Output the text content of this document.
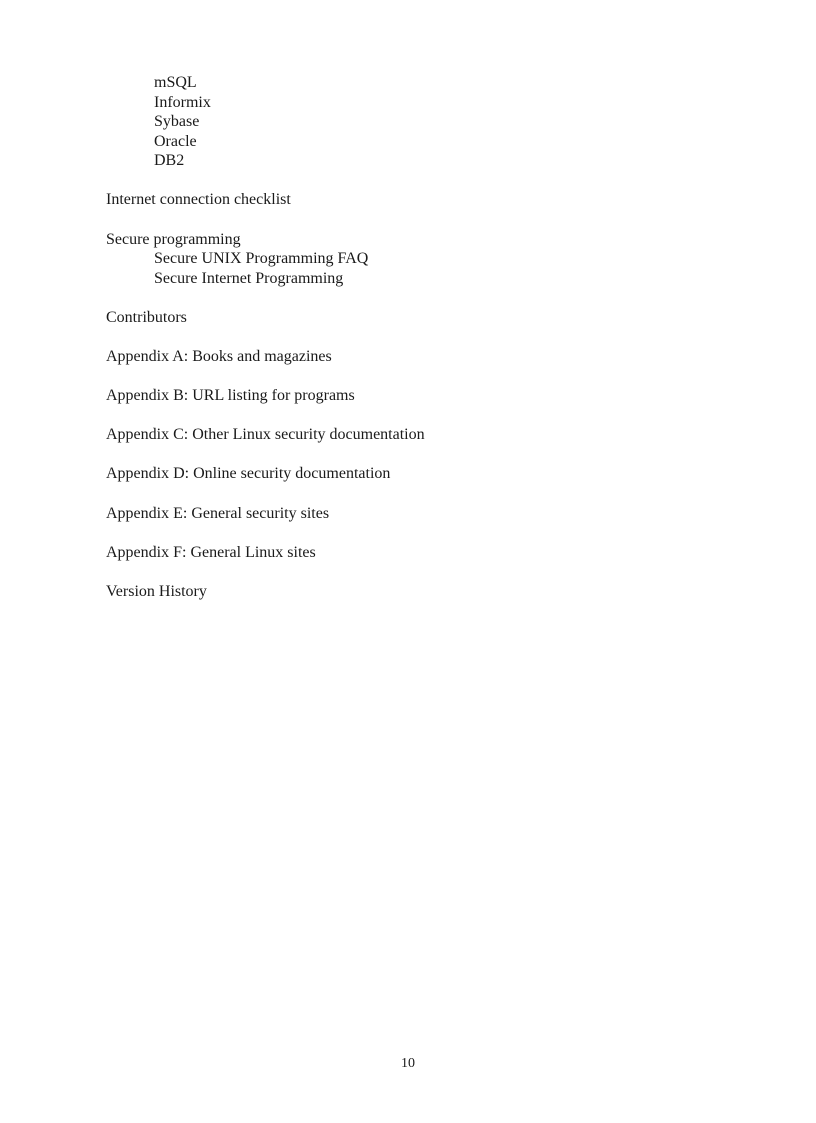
mSQL
Informix
Sybase
Oracle
DB2
Internet connection checklist
Secure programming
Secure UNIX Programming FAQ
Secure Internet Programming
Contributors
Appendix A: Books and magazines
Appendix B: URL listing for programs
Appendix C: Other Linux security documentation
Appendix D: Online security documentation
Appendix E: General security sites
Appendix F: General Linux sites
Version History
10
